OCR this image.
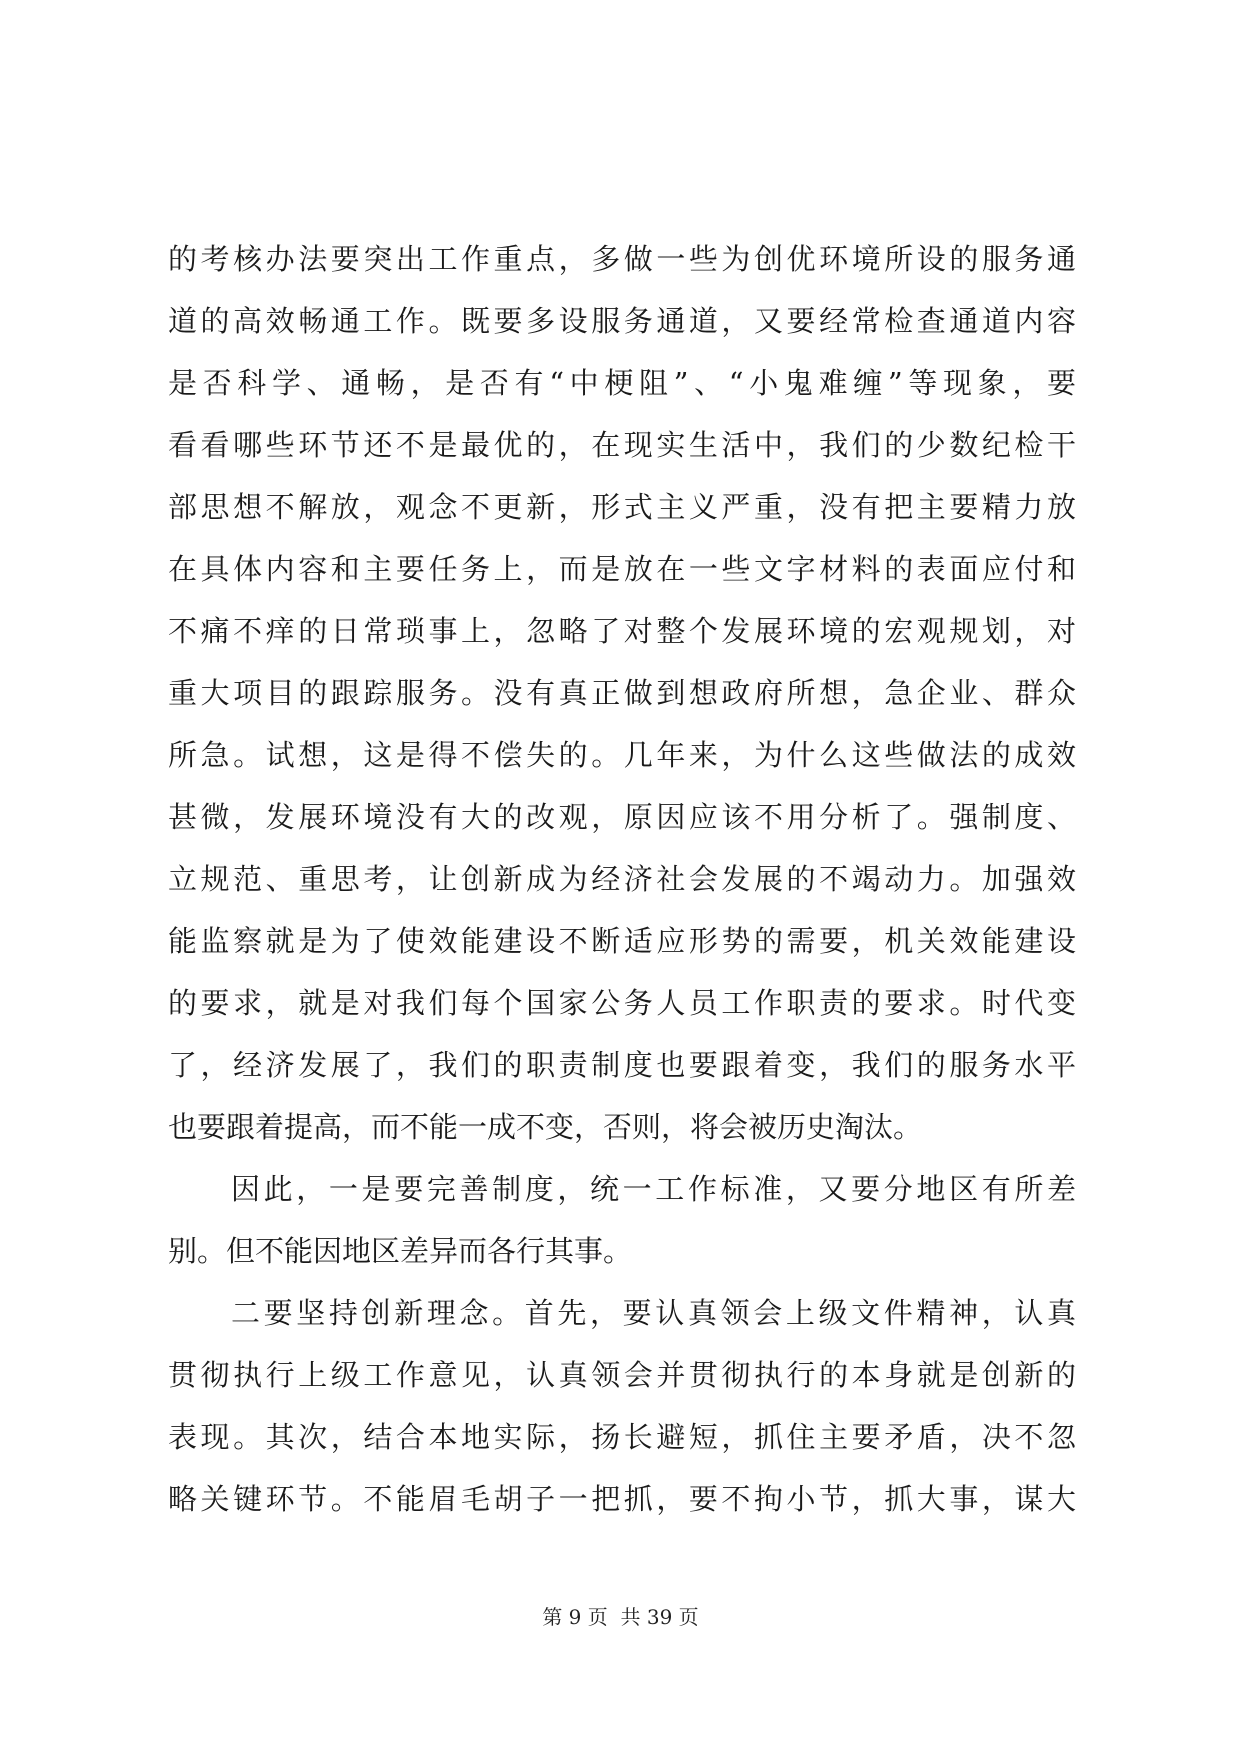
的考核办法要突出工作重点，多做一些为创优环境所设的服务通
道的高效畅通工作。既要多设服务通道，又要经常检查通道内容
是否科学、通畅，是否有“中梗阻”、“小鬼难缠”等现象，要
看看哪些环节还不是最优的，在现实生活中，我们的少数纪检干
部思想不解放，观念不更新，形式主义严重，没有把主要精力放
在具体内容和主要任务上，而是放在一些文字材料的表面应付和
不痛不痒的日常琐事上，忽略了对整个发展环境的宏观规划，对
重大项目的跟踪服务。没有真正做到想政府所想，急企业、群众
所急。试想，这是得不偿失的。几年来，为什么这些做法的成效
甚微，发展环境没有大的改观，原因应该不用分析了。强制度、
立规范、重思考，让创新成为经济社会发展的不竭动力。加强效
能监察就是为了使效能建设不断适应形势的需要，机关效能建设
的要求，就是对我们每个国家公务人员工作职责的要求。时代变
了，经济发展了，我们的职责制度也要跟着变，我们的服务水平
也要跟着提高，而不能一成不变，否则，将会被历史淘汰。
因此，一是要完善制度，统一工作标准，又要分地区有所差
别。但不能因地区差异而各行其事。
二要坚持创新理念。首先，要认真领会上级文件精神，认真
贯彻执行上级工作意见，认真领会并贯彻执行的本身就是创新的
表现。其次，结合本地实际，扬长避短，抓住主要矛盾，决不忽
略关键环节。不能眉毛胡子一把抓，要不拘小节，抓大事，谋大
第 9 页  共 39 页
